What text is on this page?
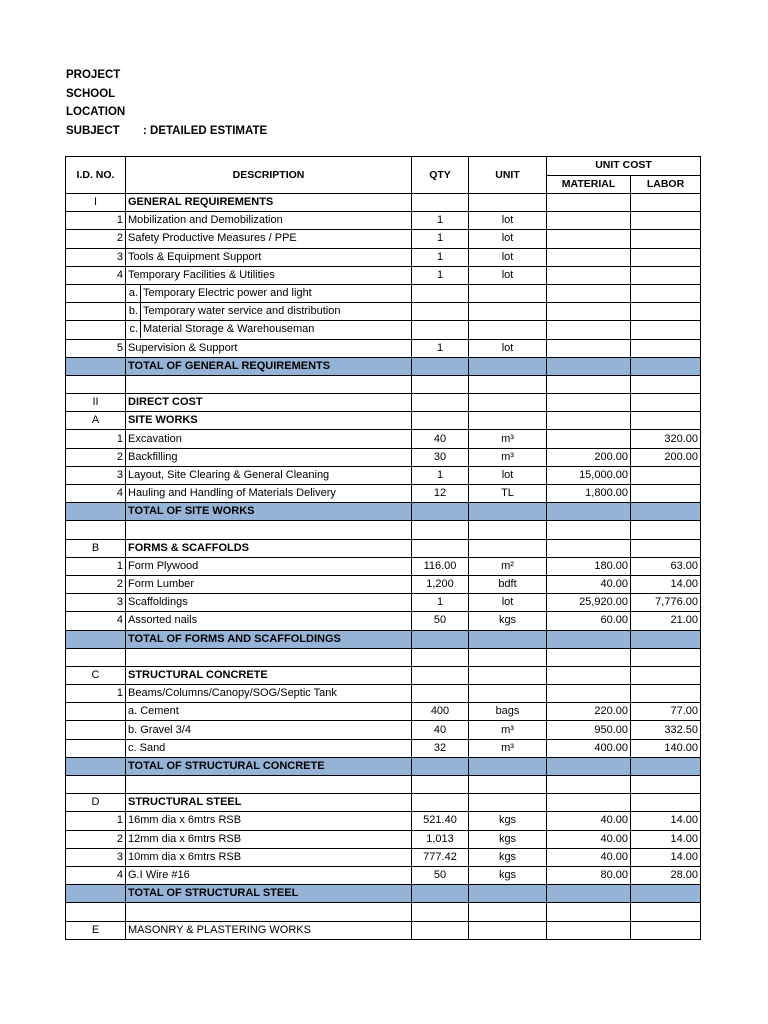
PROJECT
SCHOOL
LOCATION
SUBJECT : DETAILED ESTIMATE
I.D. NO.	DESCRIPTION	QTY	UNIT	UNIT COST	
				MATERIAL	LABOR
I	GENERAL REQUIREMENTS				
1	Mobilization and Demobilization	1	lot		
2	Safety Productive Measures / PPE	1	lot		
3	Tools & Equipment Support	1	lot		
4	Temporary Facilities & Utilities	1	lot		
	a. Temporary Electric power and light				
	b. Temporary water service and distribution				
	c. Material Storage & Warehouseman				
5	Supervision & Support	1	lot		
	TOTAL OF GENERAL REQUIREMENTS				

II	DIRECT COST				
A	SITE WORKS				
1	Excavation	40	m³		320.00
2	Backfilling	30	m³	200.00	200.00
3	Layout, Site Clearing & General Cleaning	1	lot	15,000.00	
4	Hauling and Handling of Materials Delivery	12	TL	1,800.00	
	TOTAL OF SITE WORKS				

B	FORMS & SCAFFOLDS				
1	Form Plywood	116.00	m²	180.00	63.00
2	Form Lumber	1,200	bdft	40.00	14.00
3	Scaffoldings	1	lot	25,920.00	7,776.00
4	Assorted nails	50	kgs	60.00	21.00
	TOTAL OF FORMS AND SCAFFOLDINGS				

C	STRUCTURAL CONCRETE				
1	Beams/Columns/Canopy/SOG/Septic Tank				
	a. Cement	400	bags	220.00	77.00
	b. Gravel 3/4	40	m³	950.00	332.50
	c. Sand	32	m³	400.00	140.00
	TOTAL OF STRUCTURAL CONCRETE				

D	STRUCTURAL STEEL				
1	16mm dia x 6mtrs RSB	521.40	kgs	40.00	14.00
2	12mm dia x 6mtrs RSB	1,013	kgs	40.00	14.00
3	10mm dia x 6mtrs RSB	777.42	kgs	40.00	14.00
4	G.I Wire #16	50	kgs	80.00	28.00
	TOTAL OF STRUCTURAL STEEL				

E	MASONRY & PLASTERING WORKS				
